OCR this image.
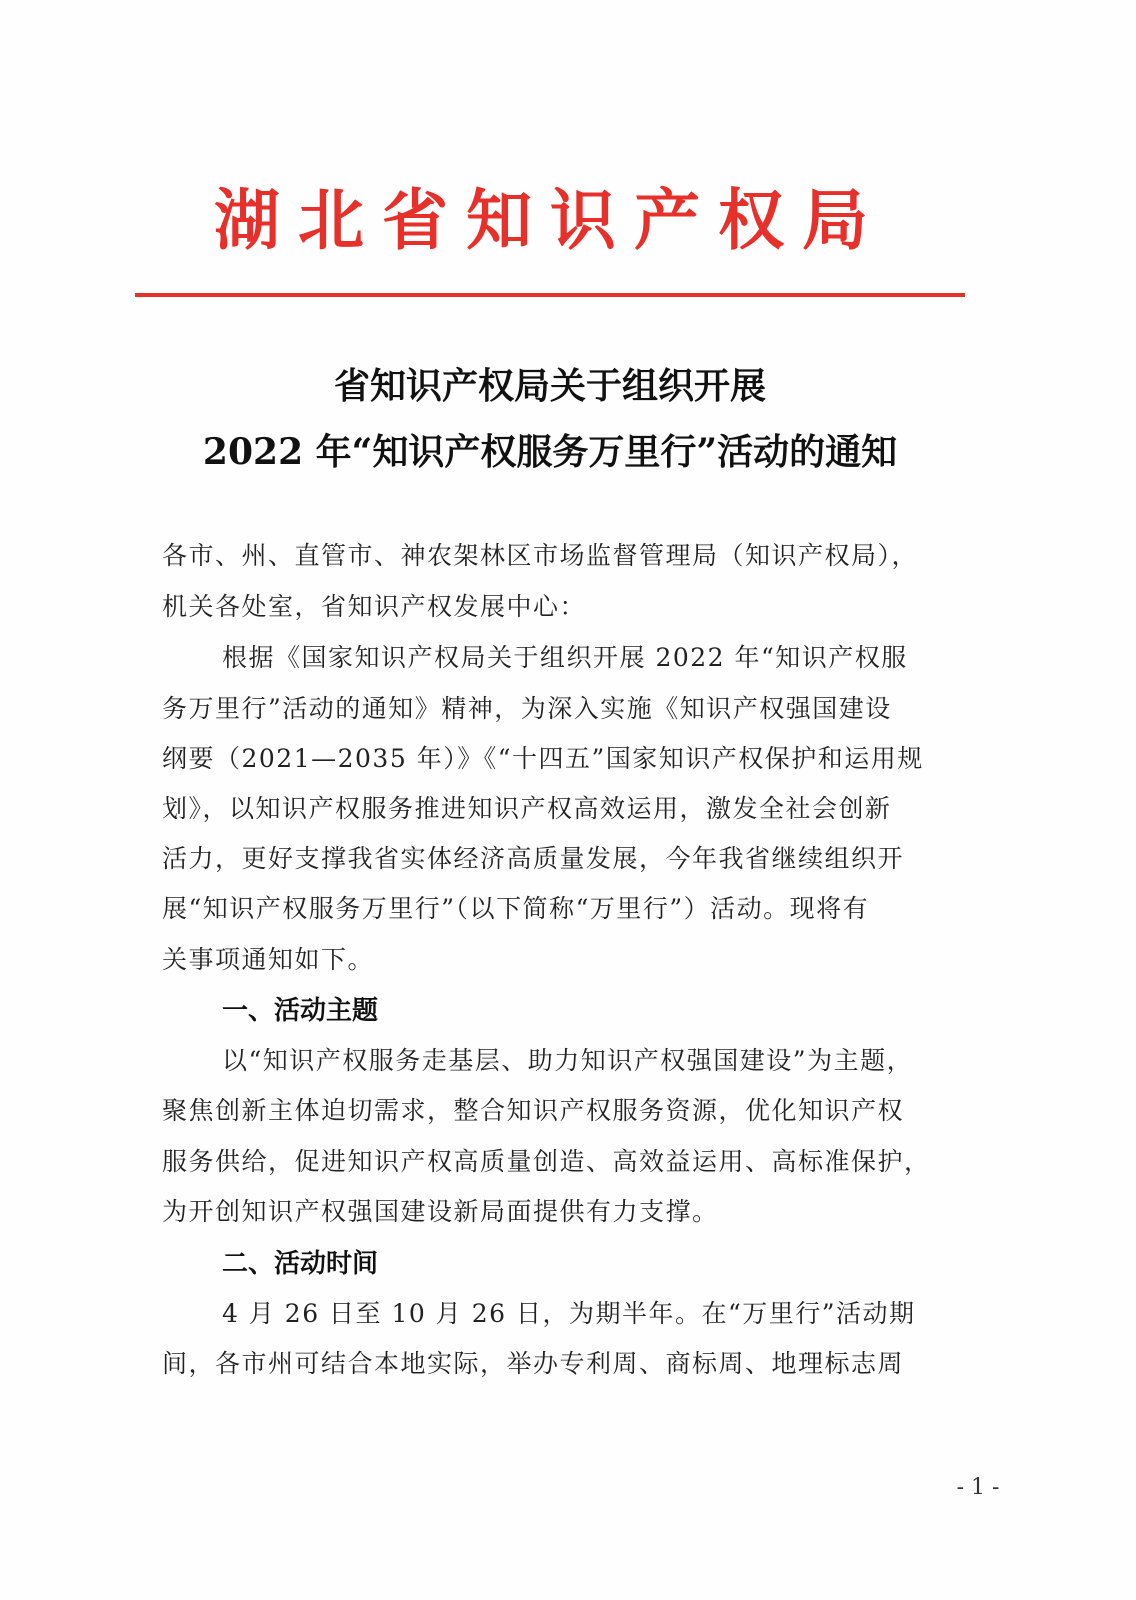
湖北省知识产权局
省知识产权局关于组织开展
2022 年“知识产权服务万里行”活动的通知
各市、州、直管市、神农架林区市场监督管理局（知识产权局），
机关各处室，省知识产权发展中心：
根据《国家知识产权局关于组织开展 2022 年“知识产权服
务万里行”活动的通知》精神，为深入实施《知识产权强国建设
纲要（2021—2035 年）》《“十四五”国家知识产权保护和运用规
划》，以知识产权服务推进知识产权高效运用，激发全社会创新
活力，更好支撑我省实体经济高质量发展，今年我省继续组织开
展“知识产权服务万里行”（以下简称“万里行”）活动。现将有
关事项通知如下。
一、活动主题
以“知识产权服务走基层、助力知识产权强国建设”为主题，
聚焦创新主体迫切需求，整合知识产权服务资源，优化知识产权
服务供给，促进知识产权高质量创造、高效益运用、高标准保护，
为开创知识产权强国建设新局面提供有力支撑。
二、活动时间
4 月 26 日至 10 月 26 日，为期半年。在“万里行”活动期
间，各市州可结合本地实际，举办专利周、商标周、地理标志周
- 1 -
